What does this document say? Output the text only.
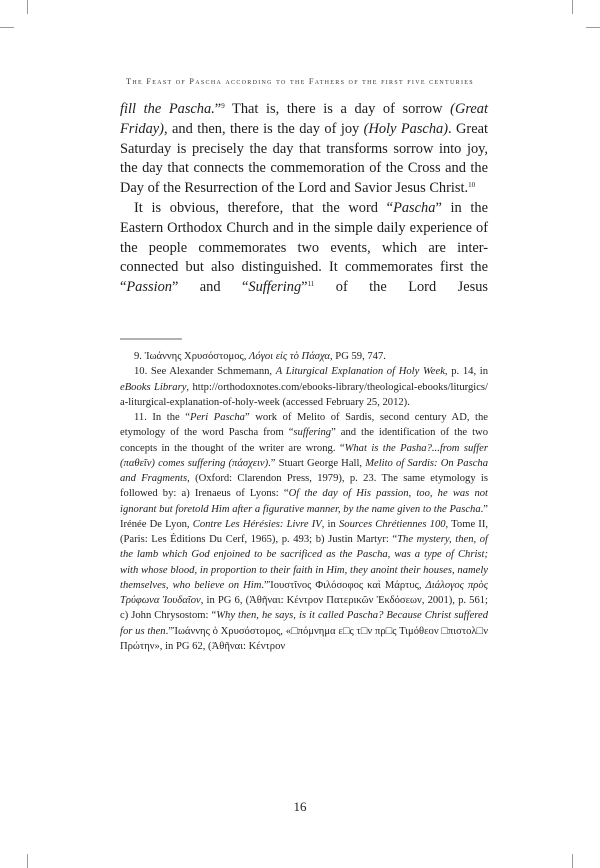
The Feast of Pascha according to the Fathers of the first five centuries

fill the Pascha.”$^9$ That is, there is a day of sorrow (Great Friday), and then, there is the day of joy (Holy Pascha). Great Saturday is precisely the day that transforms sorrow into joy, the day that connects the commemoration of the Cross and the Day of the Resurrection of the Lord and Savior Jesus Christ.$^{10}$

It is obvious, therefore, that the word “Pascha” in the Eastern Orthodox Church and in the simple daily experience of the people commemorates two events, which are inter-connected but also distinguished. It commemorates first the “Passion” and “Suffering”$^{11}$ of the Lord Jesus

9. Ἰωάννης Χρυσόστομος, Λόγοι εἰς τὸ Πάσχα, PG 59, 747.

10. See Alexander Schmemann, A Liturgical Explanation of Holy Week, p. 14, in eBooks Library, http://orthodoxnotes.com/ebooks-library/theological-ebooks/liturgics/a-liturgical-explanation-of-holy-week (accessed February 25, 2012).

11. In the “Peri Pascha” work of Melito of Sardis, second century AD, the etymology of the word Pascha from “suffering” and the identification of the two concepts in the thought of the writer are wrong. “What is the Pasha?...from suffer (παθεῖν) comes suffering (πάσχειν).” Stuart George Hall, Melito of Sardis: On Pascha and Fragments, (Oxford: Clarendon Press, 1979), p. 23. The same etymology is followed by: a) Irenaeus of Lyons: “Of the day of His passion, too, he was not ignorant but foretold Him after a figurative manner, by the name given to the Pascha.” Irénée De Lyon, Contre Les Hérésies: Livre IV, in Sources Chrétiennes 100, Tome II, (Paris: Les Éditions Du Cerf, 1965), p. 493; b) Justin Martyr: “The mystery, then, of the lamb which God enjoined to be sacrificed as the Pascha, was a type of Christ; with whose blood, in proportion to their faith in Him, they anoint their houses, namely themselves, who believe on Him.”Ἰουστῖνος Φιλόσοφος καὶ Μάρτυς, Διάλογος πρὸς Τρύφωνα Ἰουδαῖον, in PG 6, (Ἀθῆναι: Κέντρον Πατερικῶν Ἐκδόσεων, 2001), p. 561; c) John Chrysostom: “Why then, he says, is it called Pascha? Because Christ suffered for us then.”Ἰωάννης ὁ Χρυσόστομος, «□πόμνημα ε□ς τ□ν πρ□ς Τιμόθεον □πιστολ□ν Πρώτην», in PG 62, (Ἀθῆναι: Κέντρον

16
